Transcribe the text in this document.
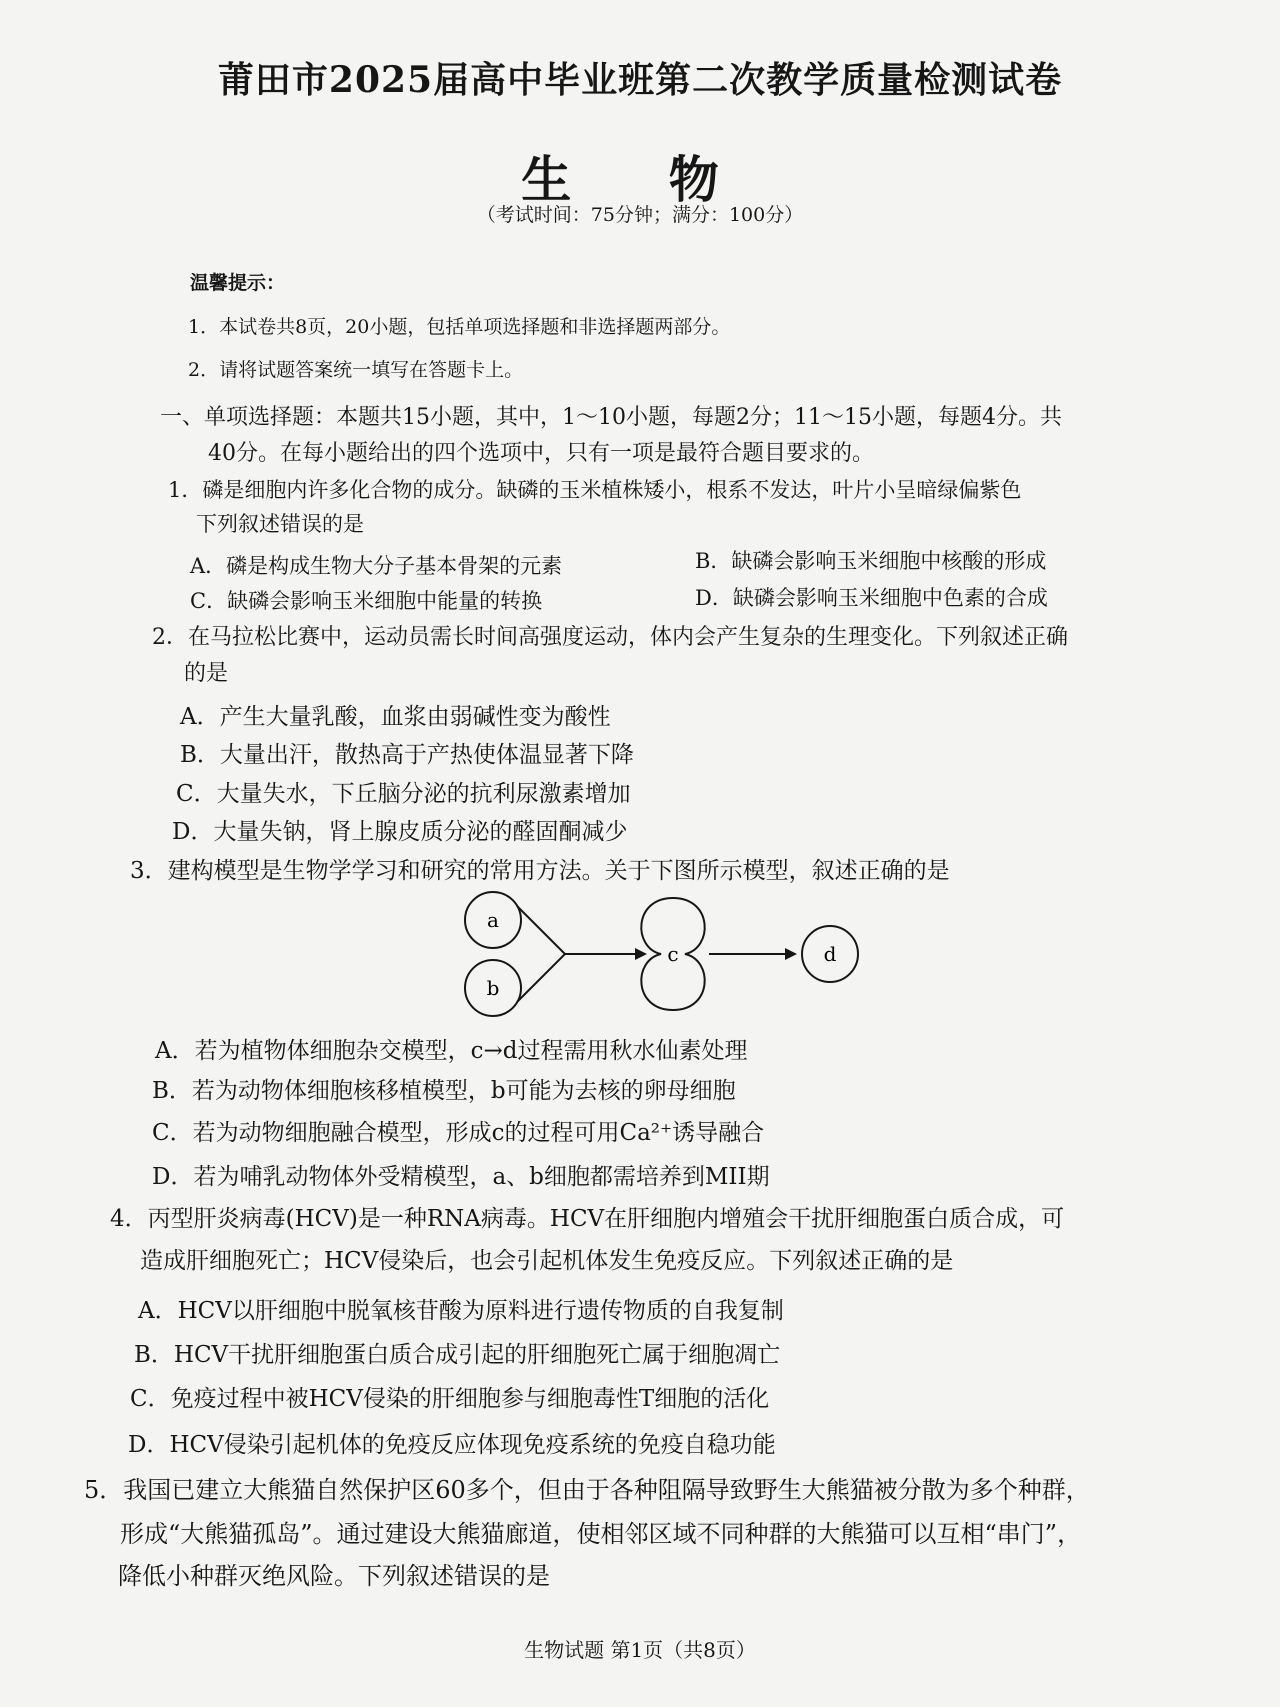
莆田市2025届高中毕业班第二次教学质量检测试卷
生 物
（考试时间：75分钟；满分：100分）
温馨提示：
1．本试卷共8页，20小题，包括单项选择题和非选择题两部分。
2．请将试题答案统一填写在答题卡上。
一、单项选择题：本题共15小题，其中，1～10小题，每题2分；11～15小题，每题4分。共
40分。在每小题给出的四个选项中，只有一项是最符合题目要求的。
1．磷是细胞内许多化合物的成分。缺磷的玉米植株矮小，根系不发达，叶片小呈暗绿偏紫色
下列叙述错误的是
A．磷是构成生物大分子基本骨架的元素	B．缺磷会影响玉米细胞中核酸的形成
C．缺磷会影响玉米细胞中能量的转换	D．缺磷会影响玉米细胞中色素的合成
2．在马拉松比赛中，运动员需长时间高强度运动，体内会产生复杂的生理变化。下列叙述正确
的是
A．产生大量乳酸，血浆由弱碱性变为酸性
B．大量出汗，散热高于产热使体温显著下降
C．大量失水，下丘脑分泌的抗利尿激素增加
D．大量失钠，肾上腺皮质分泌的醛固酮减少
3．建构模型是生物学学习和研究的常用方法。关于下图所示模型，叙述正确的是
a
b
c	d
A．若为植物体细胞杂交模型，c→d过程需用秋水仙素处理
B．若为动物体细胞核移植模型，b可能为去核的卵母细胞
C．若为动物细胞融合模型，形成c的过程可用Ca²⁺诱导融合
D．若为哺乳动物体外受精模型，a、b细胞都需培养到MII期
4．丙型肝炎病毒(HCV)是一种RNA病毒。HCV在肝细胞内增殖会干扰肝细胞蛋白质合成，可
造成肝细胞死亡；HCV侵染后，也会引起机体发生免疫反应。下列叙述正确的是
A．HCV以肝细胞中脱氧核苷酸为原料进行遗传物质的自我复制
B．HCV干扰肝细胞蛋白质合成引起的肝细胞死亡属于细胞凋亡
C．免疫过程中被HCV侵染的肝细胞参与细胞毒性T细胞的活化
D．HCV侵染引起机体的免疫反应体现免疫系统的免疫自稳功能
5．我国已建立大熊猫自然保护区60多个，但由于各种阻隔导致野生大熊猫被分散为多个种群，
形成“大熊猫孤岛”。通过建设大熊猫廊道，使相邻区域不同种群的大熊猫可以互相“串门”，
降低小种群灭绝风险。下列叙述错误的是
生物试题 第1页（共8页）
